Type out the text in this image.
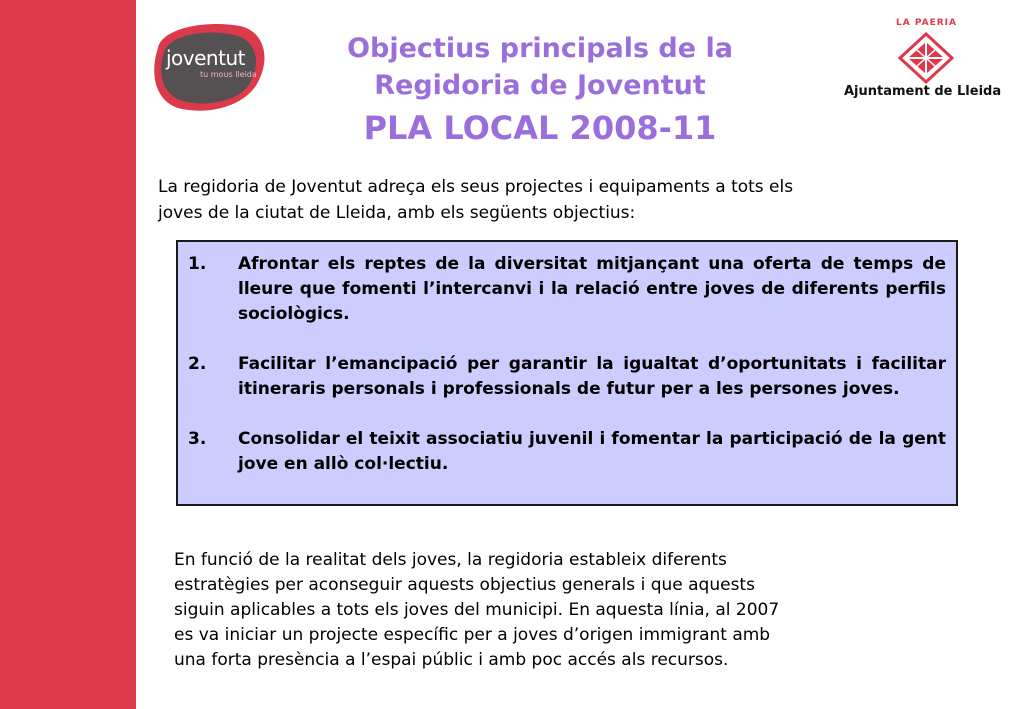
joventut
tu mous lleida
Objectius principals de la
Regidoria de Joventut
PLA LOCAL 2008-11
LA PAERIA
Ajuntament de Lleida
La regidoria de Joventut adreça els seus projectes i equipaments a tots els
joves de la ciutat de Lleida, amb els següents objectius:
1.	Afrontar els reptes de la diversitat mitjançant una oferta de temps de lleure que fomenti l’intercanvi i la relació entre joves de diferents perfils sociològics.
2.	Facilitar l’emancipació per garantir la igualtat d’oportunitats i facilitar itineraris personals i professionals de futur per a les persones joves.
3.	Consolidar el teixit associatiu juvenil i fomentar la participació de la gent jove en allò col·lectiu.
En funció de la realitat dels joves, la regidoria estableix diferents
estratègies per aconseguir aquests objectius generals i que aquests
siguin aplicables a tots els joves del municipi. En aquesta línia, al 2007
es va iniciar un projecte específic per a joves d’origen immigrant amb
una forta presència a l’espai públic i amb poc accés als recursos.
